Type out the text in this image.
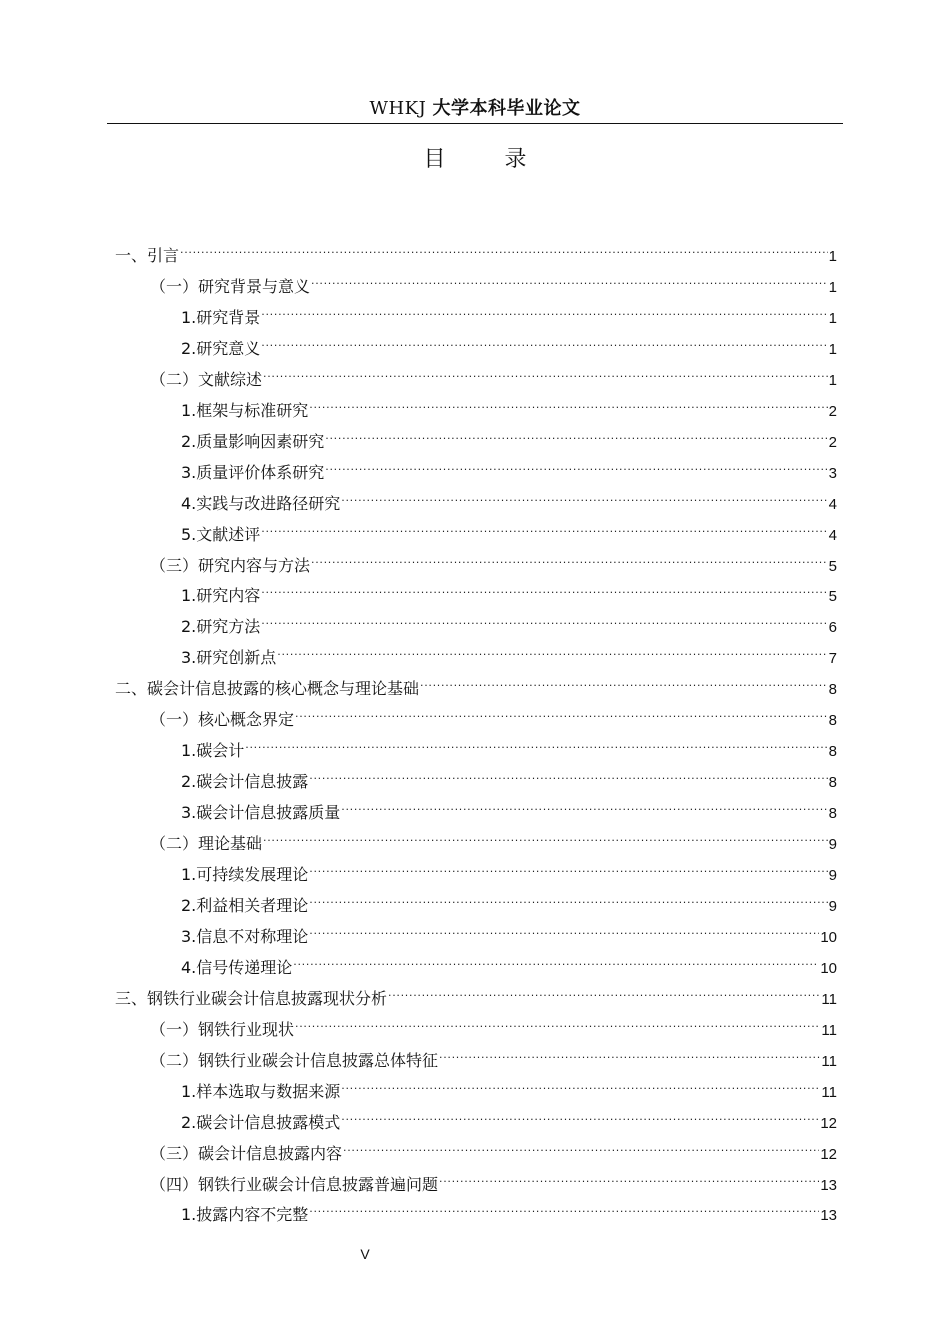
WHKJ 大学本科毕业论文
目 录
一、引言 .....	1
（一）研究背景与意义 .....	1
1.研究背景 .....	1
2.研究意义 .....	1
（二）文献综述 .....	1
1.框架与标准研究 .....	2
2.质量影响因素研究 .....	2
3.质量评价体系研究 .....	3
4.实践与改进路径研究 .....	4
5.文献述评 .....	4
（三）研究内容与方法 .....	5
1.研究内容 .....	5
2.研究方法 .....	6
3.研究创新点 .....	7
二、碳会计信息披露的核心概念与理论基础 .....	8
（一）核心概念界定 .....	8
1.碳会计 .....	8
2.碳会计信息披露 .....	8
3.碳会计信息披露质量 .....	8
（二）理论基础 .....	9
1.可持续发展理论 .....	9
2.利益相关者理论 .....	9
3.信息不对称理论 .....	10
4.信号传递理论 .....	10
三、钢铁行业碳会计信息披露现状分析 .....	11
（一）钢铁行业现状 .....	11
（二）钢铁行业碳会计信息披露总体特征 .....	11
1.样本选取与数据来源 .....	11
2.碳会计信息披露模式 .....	12
（三）碳会计信息披露内容 .....	12
（四）钢铁行业碳会计信息披露普遍问题 .....	13
1.披露内容不完整 .....	13
V
